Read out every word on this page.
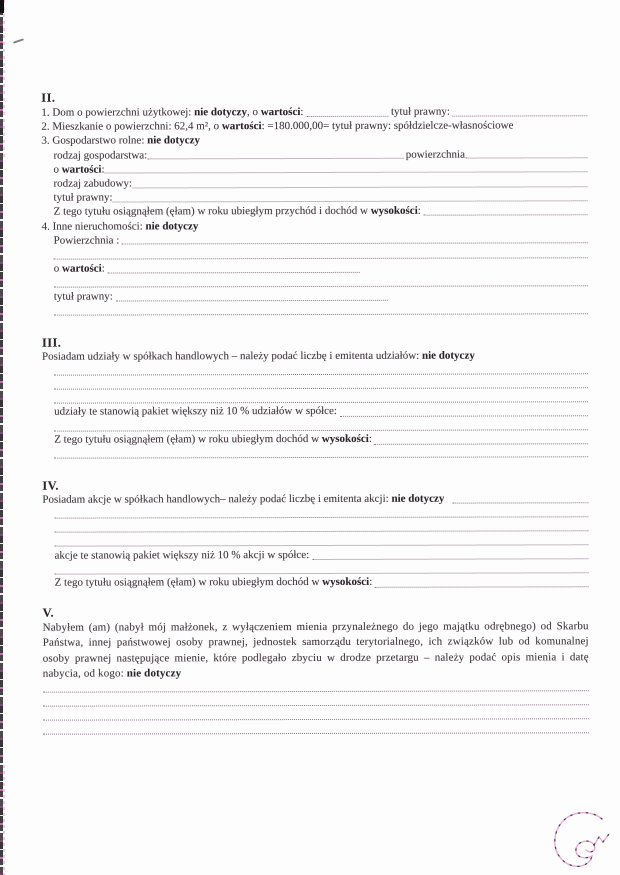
II.
1. Dom o powierzchni użytkowej: nie dotyczy , o wartości :	tytuł prawny:
2. Mieszkanie o powierzchni: 62,4 m², o wartości : =180.000,00= tytuł prawny: spółdzielcze-własnościowe
3. Gospodarstwo rolne: nie dotyczy
rodzaj gospodarstwa:	powierzchnia
o wartości :
rodzaj zabudowy:
tytuł prawny:
Z tego tytułu osiągnąłem (ęłam) w roku ubiegłym przychód i dochód w wysokości :
4. Inne nieruchomości: nie dotyczy
Powierzchnia :
o wartości :
tytuł prawny:
III.
Posiadam udziały w spółkach handlowych – należy podać liczbę i emitenta udziałów: nie dotyczy
udziały te stanowią pakiet większy niż 10 % udziałów w spółce:
Z tego tytułu osiągnąłem (ęłam) w roku ubiegłym dochód w wysokości :
IV.
Posiadam akcje w spółkach handlowych– należy podać liczbę i emitenta akcji: nie dotyczy

akcje te stanowią pakiet większy niż 10 % akcji w spółce:
Z tego tytułu osiągnąłem (ęłam) w roku ubiegłym dochód w wysokości :
V.
Nabyłem (am) (nabył mój małżonek, z wyłączeniem mienia przynależnego do jego majątku odrębnego) od Skarbu Państwa, innej państwowej osoby prawnej, jednostek samorządu terytorialnego, ich związków lub od komunalnej osoby prawnej następujące mienie, które podlegało zbyciu w drodze przetargu – należy podać opis mienia i datę nabycia, od kogo: nie dotyczy
